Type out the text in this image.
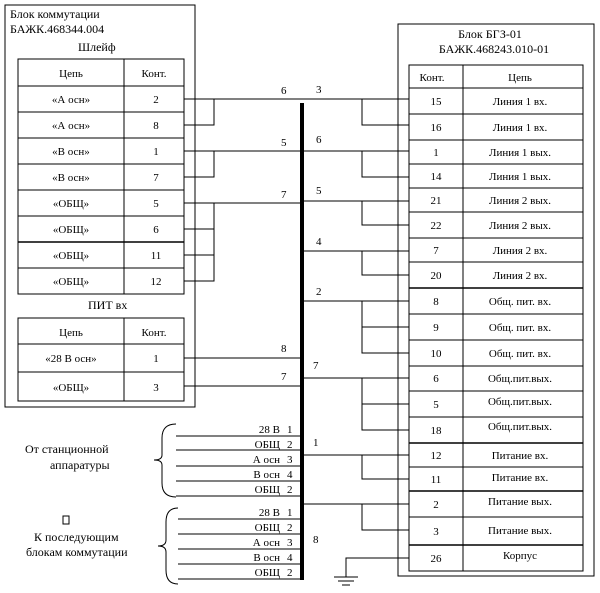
Блок коммутации
БАЖК.468344.004
Шлейф
Цепь	Конт.
«А осн»	2
«А осн»	8
«В осн»	1
«В осн»	7
«ОБЩ»	5
«ОБЩ»	6
«ОБЩ»	11
«ОБЩ»	12
ПИТ вх
Цепь	Конт.
«28 В осн»	1
«ОБЩ»	3
Блок БГЗ-01
БАЖК.468243.010-01
Конт.	Цепь
15	Линия 1 вх.
16	Линия 1 вх.
1	Линия 1 вых.
14	Линия 1 вых.
21	Линия 2 вых.
22	Линия 2 вых.
7	Линия 2 вх.
20	Линия 2 вх.
8	Общ. пит. вх.
9	Общ. пит. вх.
10	Общ. пит. вх.
6	Общ.пит.вых.
5	Общ.пит.вых.
18	Общ.пит.вых.
12	Питание вх.
11	Питание вх.
2	Питание вых.
3	Питание вых.
26	Корпус
6
5
7
8
7
3
6
5
4
2
7
1
8
От станционной
аппаратуры
28 В 1
ОБЩ 2
А осн 3
В осн 4
ОБЩ 2
К последующим
блокам коммутации
28 В 1
ОБЩ 2
А осн 3
В осн 4
ОБЩ 2
